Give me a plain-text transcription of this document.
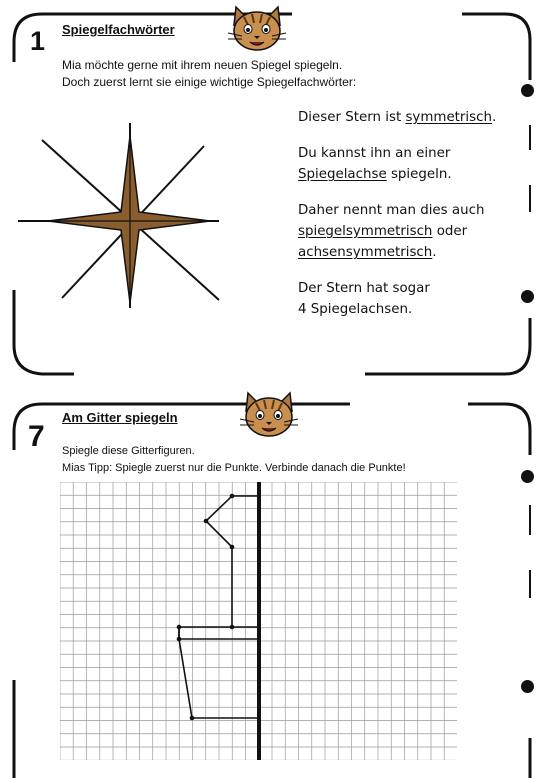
1 Spiegelfachwörter
Mia möchte gerne mit ihrem neuen Spiegel spiegeln.
Doch zuerst lernt sie einige wichtige Spiegelfachwörter:

Dieser Stern ist symmetrisch.

Du kannst ihn an einer
Spiegelachse spiegeln.

Daher nennt man dies auch
spiegelsymmetrisch oder
achsensymmetrisch.

Der Stern hat sogar
4 Spiegelachsen.

7
Am Gitter spiegeln
Spiegle diese Gitterfiguren.
Mias Tipp: Spiegle zuerst nur die Punkte. Verbinde danach die Punkte!
